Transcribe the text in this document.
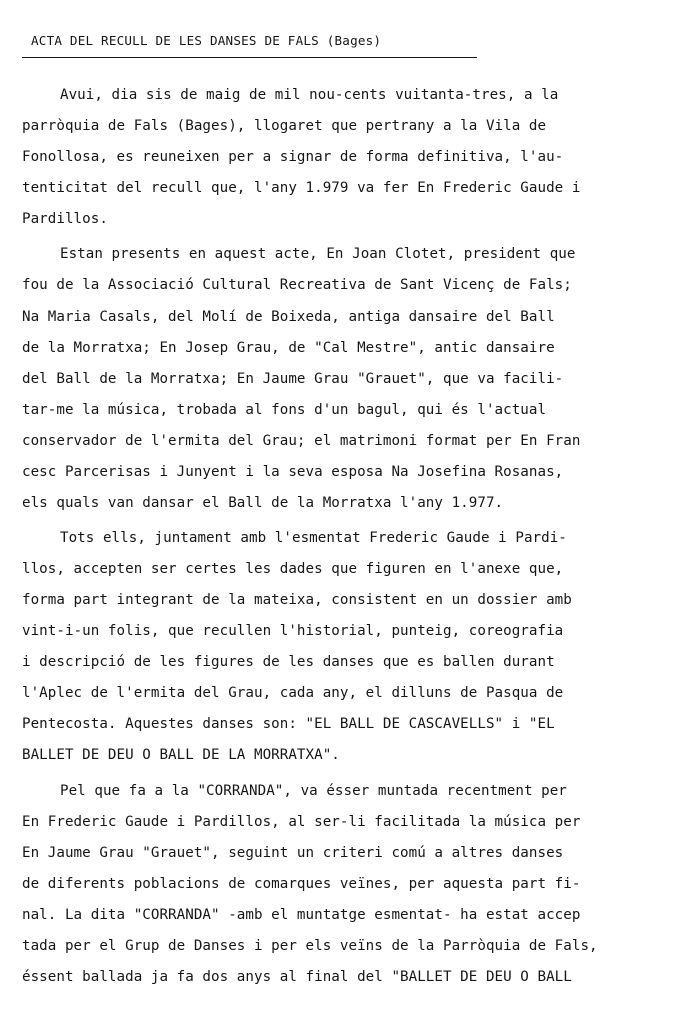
ACTA DEL RECULL DE LES DANSES DE FALS (Bages)
Avui, dia sis de maig de mil nou-cents vuitanta-tres, a la
parròquia de Fals (Bages), llogaret que pertrany a la Vila de
Fonollosa, es reuneixen per a signar de forma definitiva, l'au-
tenticitat del recull que, l'any 1.979 va fer En Frederic Gaude i
Pardillos.
Estan presents en aquest acte, En Joan Clotet, president que
fou de la Associació Cultural Recreativa de Sant Vicenç de Fals;
Na Maria Casals, del Molí de Boixeda, antiga dansaire del Ball
de la Morratxa; En Josep Grau, de "Cal Mestre", antic dansaire
del Ball de la Morratxa; En Jaume Grau "Grauet", que va facili-
tar-me la música, trobada al fons d'un bagul, qui és l'actual
conservador de l'ermita del Grau; el matrimoni format per En Fran
cesc Parcerisas i Junyent i la seva esposa Na Josefina Rosanas,
els quals van dansar el Ball de la Morratxa l'any 1.977.
Tots ells, juntament amb l'esmentat Frederic Gaude i Pardi-
llos, accepten ser certes les dades que figuren en l'anexe que,
forma part integrant de la mateixa, consistent en un dossier amb
vint-i-un folis, que recullen l'historial, punteig, coreografia
i descripció de les figures de les danses que es ballen durant
l'Aplec de l'ermita del Grau, cada any, el dilluns de Pasqua de
Pentecosta. Aquestes danses son: "EL BALL DE CASCAVELLS" i "EL
BALLET DE DEU O BALL DE LA MORRATXA".
Pel que fa a la "CORRANDA", va ésser muntada recentment per
En Frederic Gaude i Pardillos, al ser-li facilitada la música per
En Jaume Grau "Grauet", seguint un criteri comú a altres danses
de diferents poblacions de comarques veïnes, per aquesta part fi-
nal. La dita "CORRANDA" -amb el muntatge esmentat- ha estat accep
tada per el Grup de Danses i per els veïns de la Parròquia de Fals,
éssent ballada ja fa dos anys al final del "BALLET DE DEU O BALL
